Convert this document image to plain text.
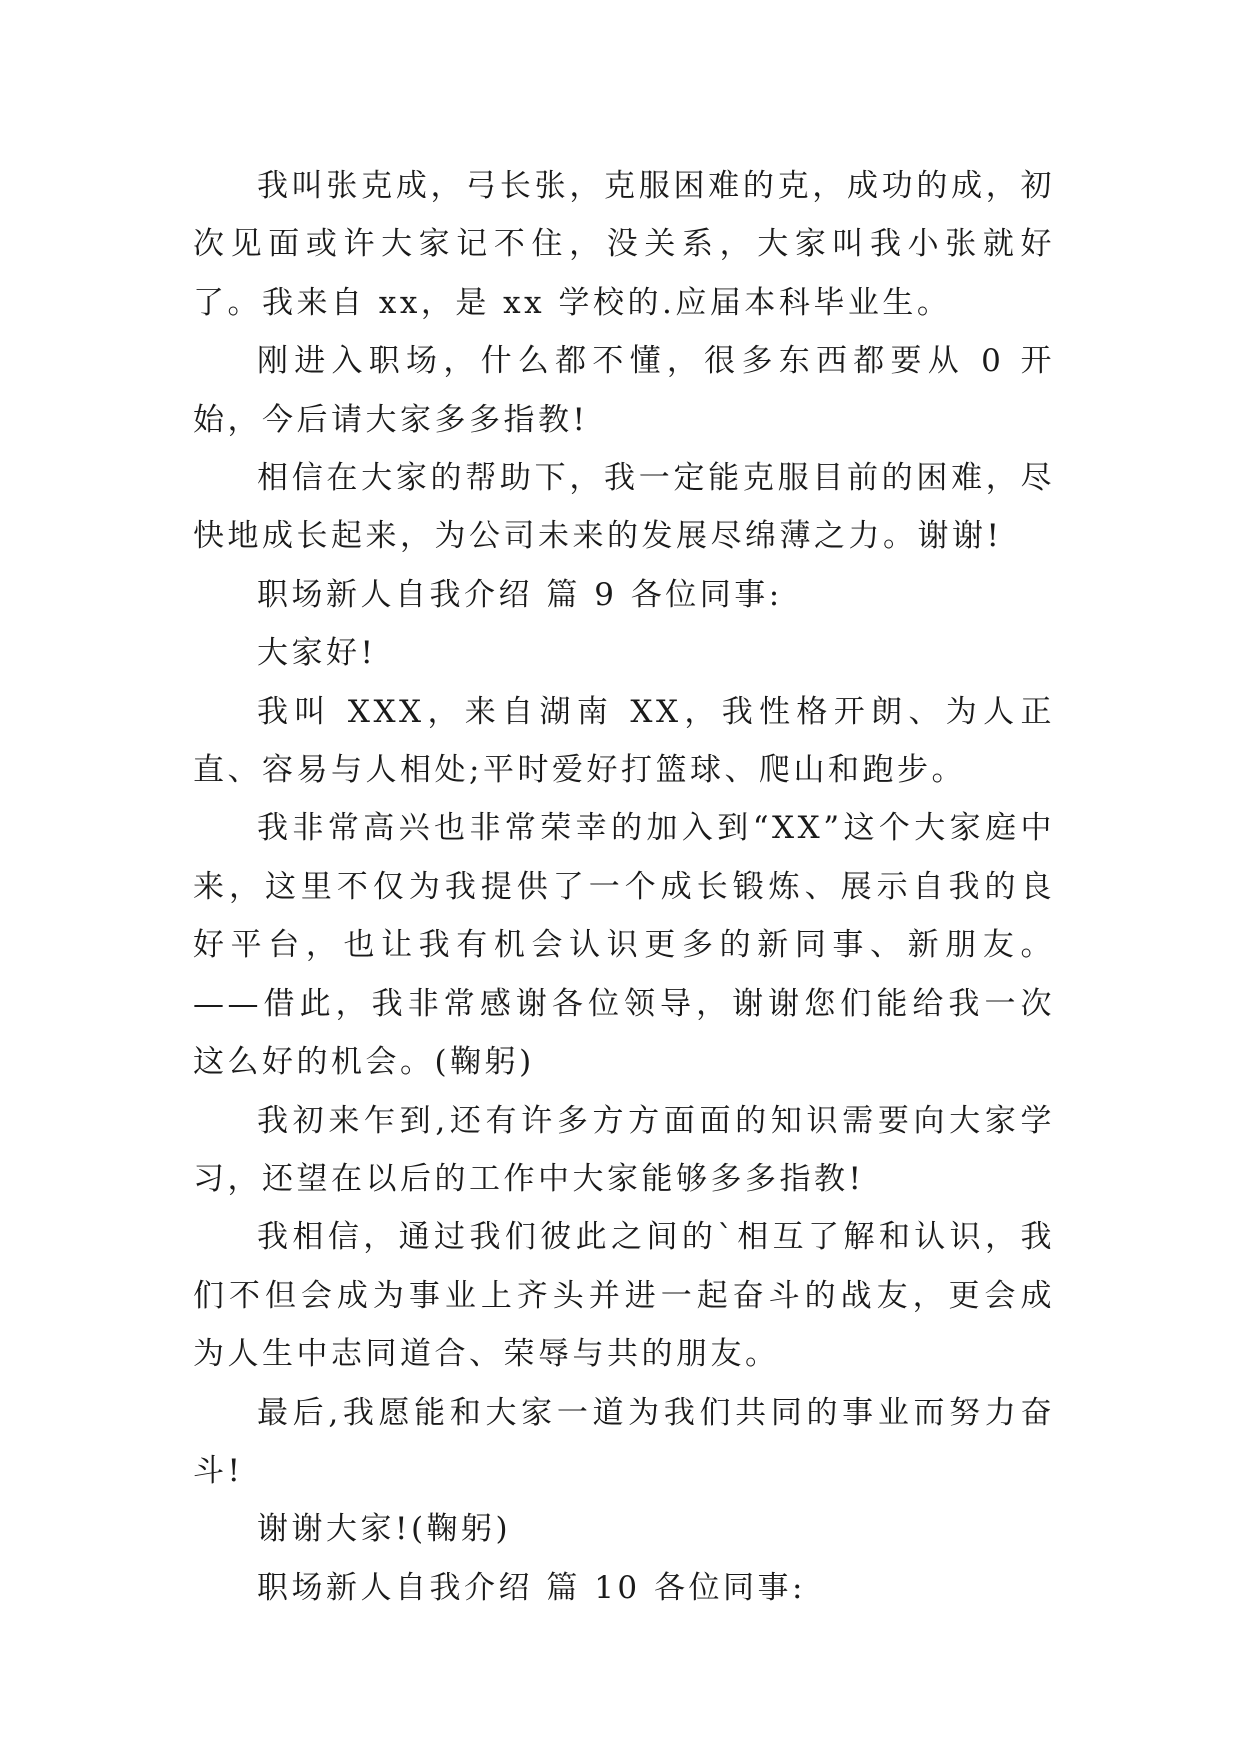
我叫张克成，弓长张，克服困难的克，成功的成，初次见面或许大家记不住，没关系，大家叫我小张就好了。我来自 xx，是 xx 学校的.应届本科毕业生。

刚进入职场，什么都不懂，很多东西都要从 0 开始，今后请大家多多指教!

相信在大家的帮助下，我一定能克服目前的困难，尽快地成长起来，为公司未来的发展尽绵薄之力。谢谢!

职场新人自我介绍 篇 9 各位同事:

大家好!

我叫 XXX，来自湖南 XX，我性格开朗、为人正直、容易与人相处;平时爱好打篮球、爬山和跑步。

我非常高兴也非常荣幸的加入到“XX”这个大家庭中来，这里不仅为我提供了一个成长锻炼、展示自我的良好平台，也让我有机会认识更多的新同事、新朋友。——借此，我非常感谢各位领导，谢谢您们能给我一次这么好的机会。(鞠躬)

我初来乍到,还有许多方方面面的知识需要向大家学习，还望在以后的工作中大家能够多多指教!

我相信，通过我们彼此之间的`相互了解和认识，我们不但会成为事业上齐头并进一起奋斗的战友，更会成为人生中志同道合、荣辱与共的朋友。

最后,我愿能和大家一道为我们共同的事业而努力奋斗!

谢谢大家!(鞠躬)

职场新人自我介绍 篇 10 各位同事:
